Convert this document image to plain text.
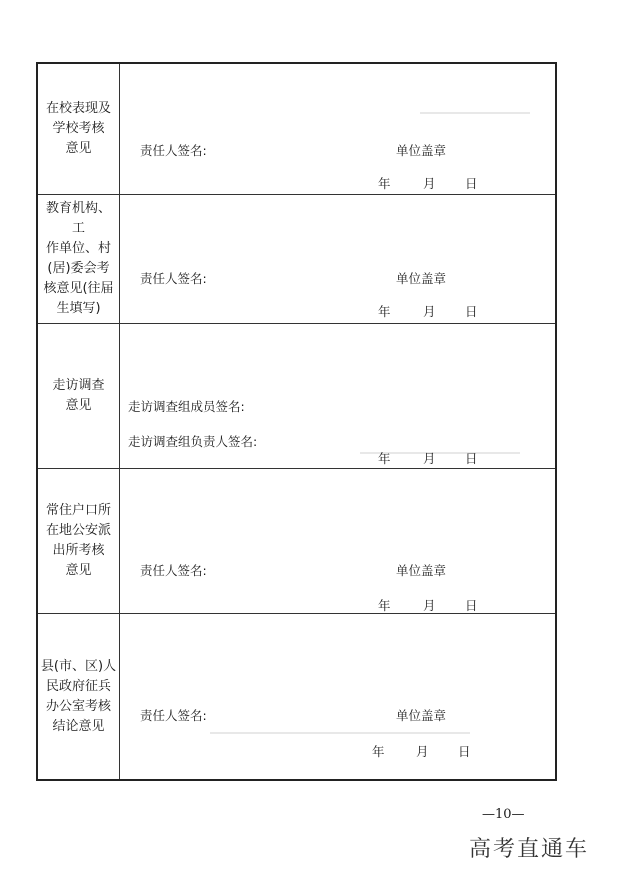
在校表现及
学校考核
意见	责任人签名:	单位盖章
年	月 日
教育机构、工
作单位、村
(居)委会考
核意见(往届
生填写)
责任人签名:	单位盖章
年	月 日
走访调查
意见	走访调查组成员签名:
走访调查组负责人签名:
年	月 日
常住户口所
在地公安派
出所考核
意见	责任人签名:	单位盖章
年	月 日
县(市、区)人
民政府征兵
办公室考核
结论意见
责任人签名:	单位盖章
年	月 日
—10—
高考直通车
